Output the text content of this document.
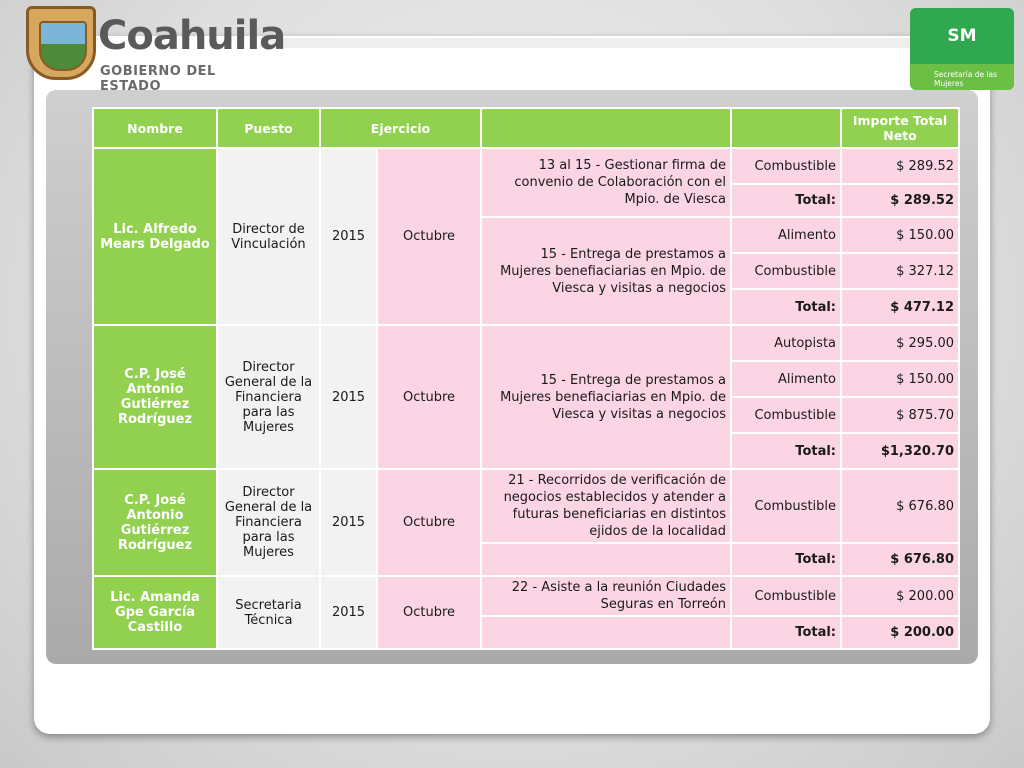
Coahuila
GOBIERNO DEL ESTADO
SM
Secretaría de las Mujeres
Nombre	Puesto	Ejercicio				Importe Total Neto
Lic. Alfredo Mears Delgado	Director de Vinculación	2015	Octubre	13 al 15 - Gestionar firma de convenio de Colaboración con el Mpio. de Viesca	Combustible	$ 289.52
					Total:	$ 289.52
				15 - Entrega de prestamos a Mujeres benefiaciarias en Mpio. de Viesca y visitas a negocios	Alimento	$ 150.00
					Combustible	$ 327.12
					Total:	$ 477.12
C.P. José Antonio Gutiérrez Rodríguez	Director General de la Financiera para las Mujeres	2015	Octubre	15 - Entrega de prestamos a Mujeres benefiaciarias en Mpio. de Viesca y visitas a negocios	Autopista	$ 295.00
					Alimento	$ 150.00
					Combustible	$ 875.70
					Total:	$1,320.70
C.P. José Antonio Gutiérrez Rodríguez	Director General de la Financiera para las Mujeres	2015	Octubre	21 - Recorridos de verificación de negocios establecidos y atender a futuras beneficiarias en distintos ejidos de la localidad	Combustible	$ 676.80
					Total:	$ 676.80
Lic. Amanda Gpe García Castillo	Secretaria Técnica	2015	Octubre	22 - Asiste a la reunión Ciudades Seguras en Torreón	Combustible	$ 200.00
					Total:	$ 200.00
